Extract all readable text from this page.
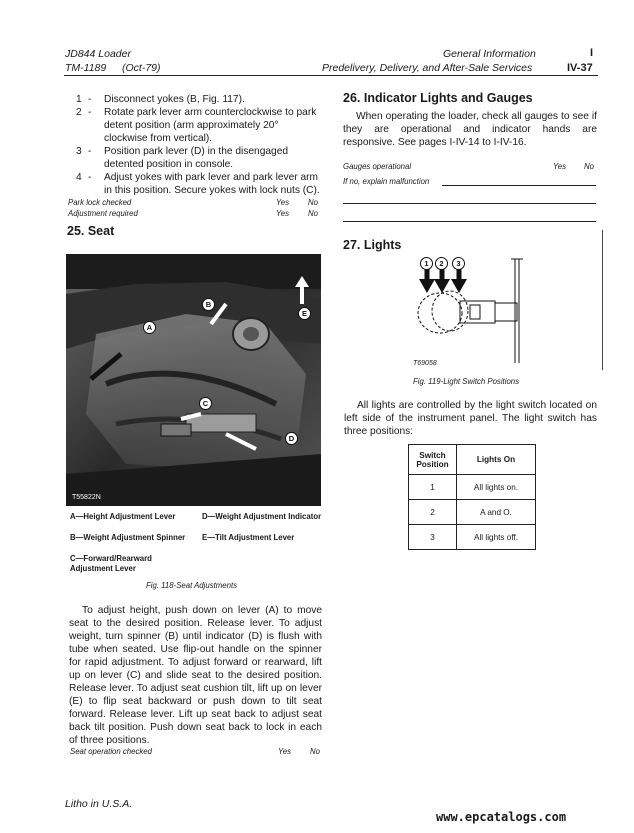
JD844 Loader
TM-1189 (Oct-79)
General Information
Predelivery, Delivery, and After-Sale Services
I
IV-37
1 - Disconnect yokes (B, Fig. 117).
2 - Rotate park lever arm counterclockwise to park detent position (arm approximately 20° clockwise from vertical).
3 - Position park lever (D) in the disengaged detented position in console.
4 - Adjust yokes with park lever and park lever arm in this position. Secure yokes with lock nuts (C).
Park lock checked	Yes No
Adjustment required	Yes No
25. Seat
A
B
C
D
E
T55822N
A—Height Adjustment Lever
B—Weight Adjustment Spinner
C—Forward/Rearward Adjustment Lever
D—Weight Adjustment Indicator
E—Tilt Adjustment Lever
Fig. 118-Seat Adjustments
To adjust height, push down on lever (A) to move seat to the desired position. Release lever. To adjust weight, turn spinner (B) until indicator (D) is flush with tube when seated. Use flip-out handle on the spinner for rapid adjustment. To adjust forward or rearward, lift up on lever (C) and slide seat to the desired position. Release lever. To adjust seat cushion tilt, lift up on lever (E) to flip seat backward or push down to tilt seat forward. Release lever. Lift up seat back to adjust seat back tilt position. Push down seat back to lock in each of three positions.
Seat operation checked	Yes No
26. Indicator Lights and Gauges
When operating the loader, check all gauges to see if they are operational and indicator hands are responsive. See pages I-IV-14 to I-IV-16.
Gauges operational	Yes No
If no, explain malfunction
27. Lights
1	2	3
T69058
Fig. 119-Light Switch Positions
All lights are controlled by the light switch located on left side of the instrument panel. The light switch has three positions:
Switch Position	Lights On
1	All lights on.
2	A and O.
3	All lights off.
Litho in U.S.A.
www.epcatalogs.com
